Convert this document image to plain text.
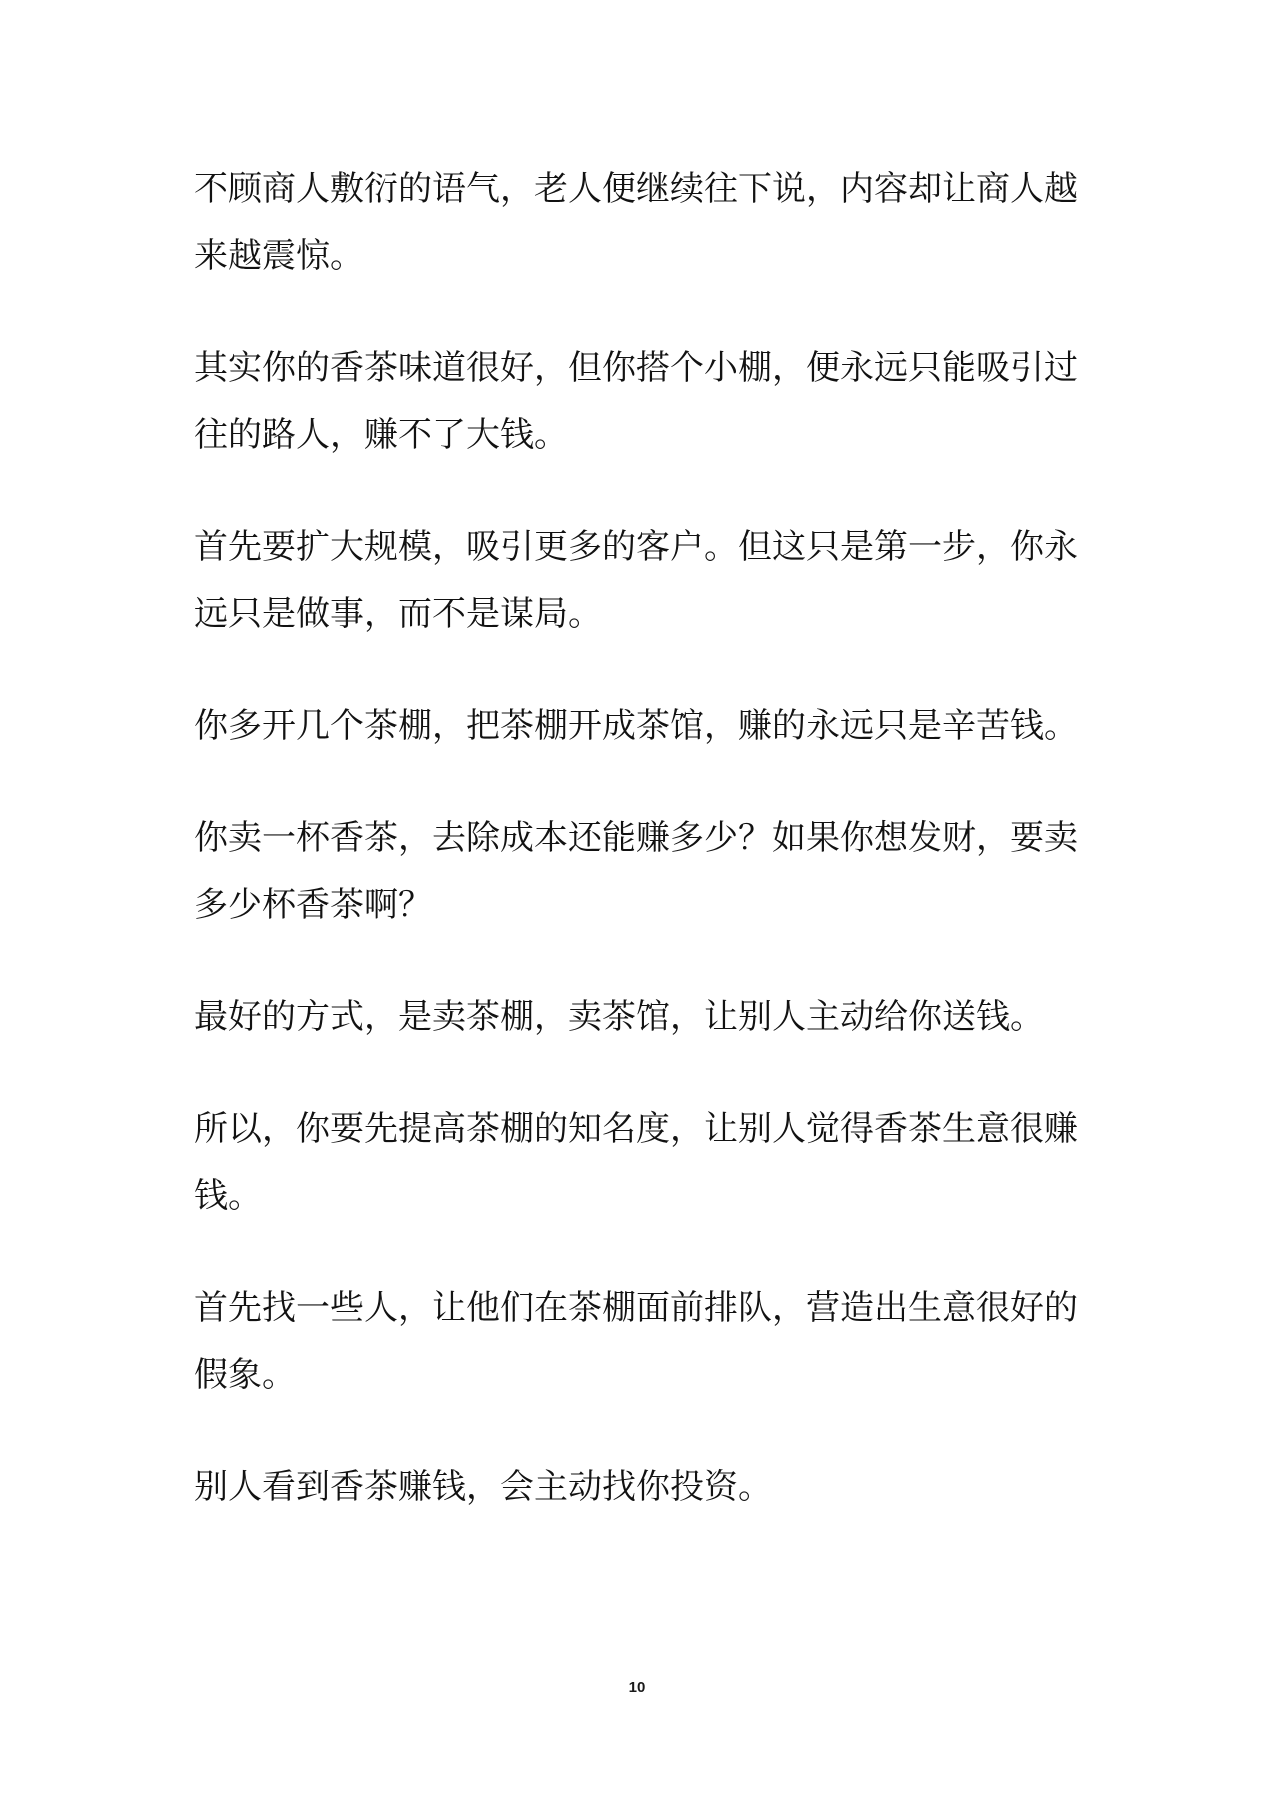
不顾商人敷衍的语气，老人便继续往下说，内容却让商人越
来越震惊。

其实你的香茶味道很好，但你搭个小棚，便永远只能吸引过
往的路人，赚不了大钱。

首先要扩大规模，吸引更多的客户。但这只是第一步，你永
远只是做事，而不是谋局。

你多开几个茶棚，把茶棚开成茶馆，赚的永远只是辛苦钱。

你卖一杯香茶，去除成本还能赚多少？如果你想发财，要卖
多少杯香茶啊？

最好的方式，是卖茶棚，卖茶馆，让别人主动给你送钱。

所以，你要先提高茶棚的知名度，让别人觉得香茶生意很赚
钱。

首先找一些人，让他们在茶棚面前排队，营造出生意很好的
假象。

别人看到香茶赚钱，会主动找你投资。

10
